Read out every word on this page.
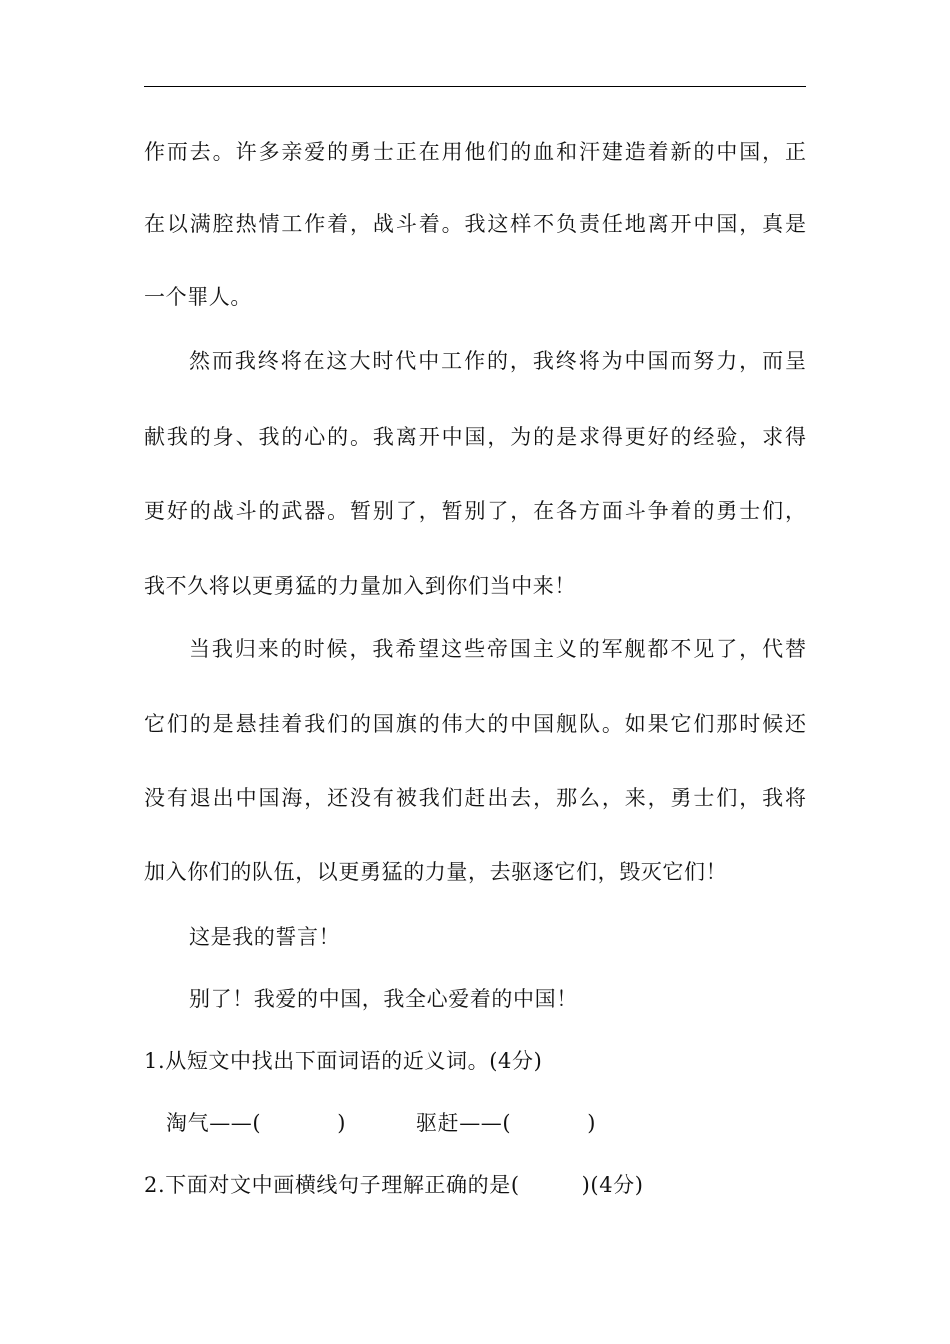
作而去。许多亲爱的勇士正在用他们的血和汗建造着新的中国，正
在以满腔热情工作着，战斗着。我这样不负责任地离开中国，真是
一个罪人。
然而我终将在这大时代中工作的，我终将为中国而努力，而呈
献我的身、我的心的。我离开中国，为的是求得更好的经验，求得
更好的战斗的武器。暂别了，暂别了，在各方面斗争着的勇士们，
我不久将以更勇猛的力量加入到你们当中来！
当我归来的时候，我希望这些帝国主义的军舰都不见了，代替
它们的是悬挂着我们的国旗的伟大的中国舰队。如果它们那时候还
没有退出中国海，还没有被我们赶出去，那么，来，勇士们，我将
加入你们的队伍，以更勇猛的力量，去驱逐它们，毁灭它们！
这是我的誓言！
别了！我爱的中国，我全心爱着的中国！
1.从短文中找出下面词语的近义词。(4分)
淘气——(	)	驱赶——(	)
2.下面对文中画横线句子理解正确的是(	)(4分)
